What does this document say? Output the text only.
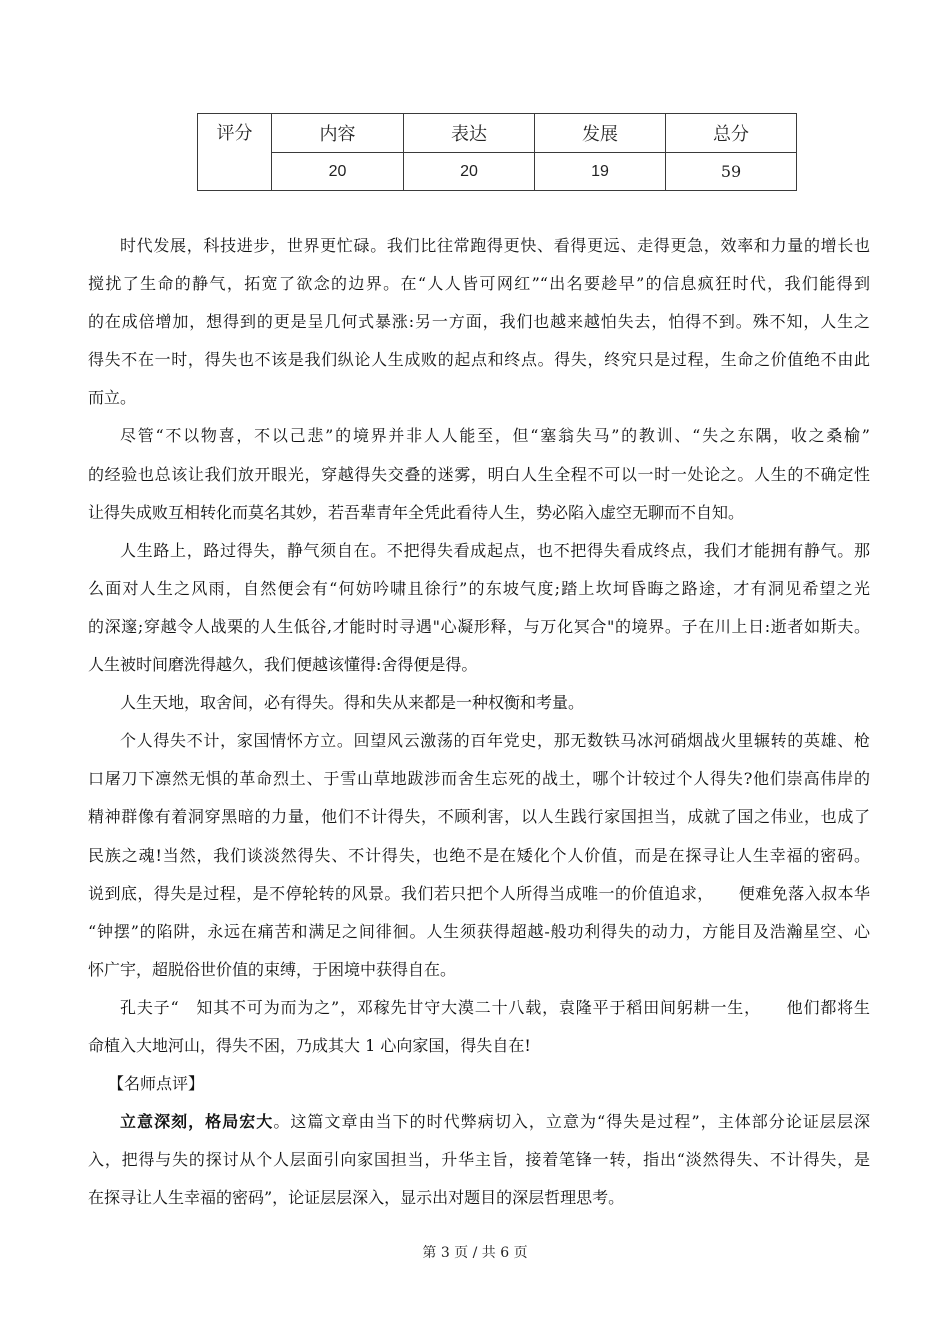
评分	内容	表达	发展	总分
	20	20	19	59
时代发展，科技进步，世界更忙碌。我们比往常跑得更快、看得更远、走得更急，效率和力量的增长也
搅扰了生命的静气，拓宽了欲念的边界。在“人人皆可网红”“出名要趁早”的信息疯狂时代，我们能得到
的在成倍增加，想得到的更是呈几何式暴涨:另一方面，我们也越来越怕失去，怕得不到。殊不知，人生之
得失不在一时，得失也不该是我们纵论人生成败的起点和终点。得失，终究只是过程，生命之价值绝不由此
而立。
尽管“不以物喜，不以己悲”的境界并非人人能至，但“塞翁失马”的教训、“失之东隅，收之桑榆”
的经验也总该让我们放开眼光，穿越得失交叠的迷雾，明白人生全程不可以一时一处论之。人生的不确定性
让得失成败互相转化而莫名其妙，若吾辈青年全凭此看待人生，势必陷入虚空无聊而不自知。
人生路上，路过得失，静气须自在。不把得失看成起点，也不把得失看成终点，我们才能拥有静气。那
么面对人生之风雨，自然便会有“何妨吟啸且徐行”的东坡气度;踏上坎坷昏晦之路途，才有洞见希望之光
的深邃;穿越令人战栗的人生低谷,才能时时寻遇"心凝形释，与万化冥合"的境界。子在川上日:逝者如斯夫。
人生被时间磨洗得越久，我们便越该懂得:舍得便是得。
人生天地，取舍间，必有得失。得和失从来都是一种权衡和考量。
个人得失不计，家国情怀方立。回望风云激荡的百年党史，那无数铁马冰河硝烟战火里辗转的英雄、枪
口屠刀下凛然无惧的革命烈土、于雪山草地跋涉而舍生忘死的战土，哪个计较过个人得失?他们崇高伟岸的
精神群像有着洞穿黑暗的力量，他们不计得失，不顾利害，以人生践行家国担当，成就了国之伟业，也成了
民族之魂!当然，我们谈淡然得失、不计得失，也绝不是在矮化个人价值，而是在探寻让人生幸福的密码。
说到底，得失是过程，是不停轮转的风景。我们若只把个人所得当成唯一的价值追求，　　便难免落入叔本华
“钟摆”的陷阱，永远在痛苦和满足之间徘徊。人生须获得超越-般功利得失的动力，方能目及浩瀚星空、心
怀广宇，超脱俗世价值的束缚，于困境中获得自在。
孔夫子“　知其不可为而为之”，邓稼先甘守大漠二十八载，袁隆平于稻田间躬耕一生，　　他们都将生
命植入大地河山，得失不困，乃成其大 1 心向家国，得失自在!
【名师点评】
立意深刻，格局宏大。这篇文章由当下的时代弊病切入，立意为“得失是过程”，主体部分论证层层深
入，把得与失的探讨从个人层面引向家国担当，升华主旨，接着笔锋一转，指出“淡然得失、不计得失，是
在探寻让人生幸福的密码”，论证层层深入，显示出对题目的深层哲理思考。
第 3 页 / 共 6 页
